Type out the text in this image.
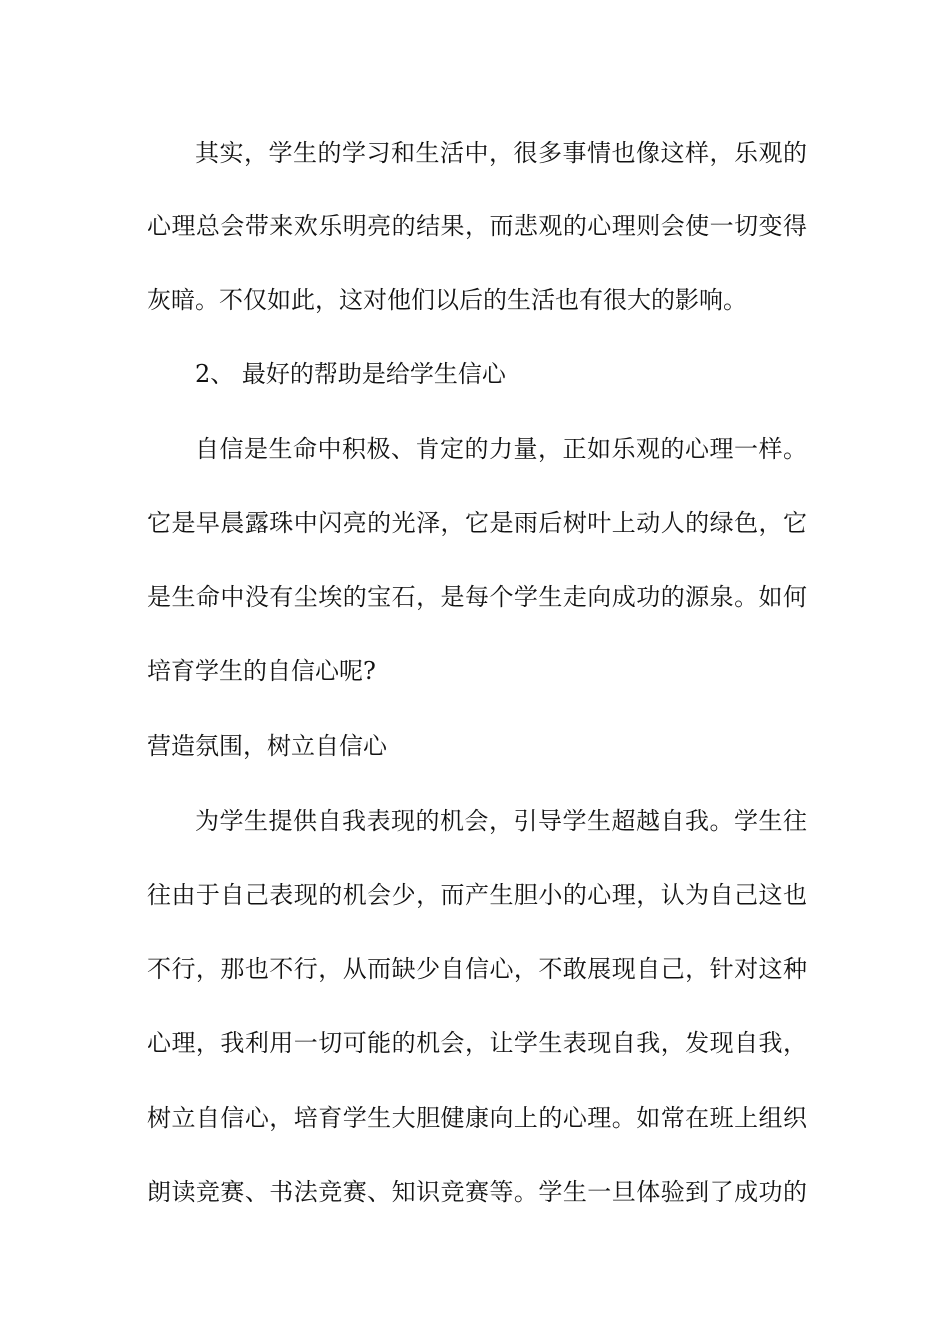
其实，学生的学习和生活中，很多事情也像这样，乐观的
心理总会带来欢乐明亮的结果，而悲观的心理则会使一切变得
灰暗。不仅如此，这对他们以后的生活也有很大的影响。
2、 最好的帮助是给学生信心
自信是生命中积极、肯定的力量，正如乐观的心理一样。
它是早晨露珠中闪亮的光泽，它是雨后树叶上动人的绿色，它
是生命中没有尘埃的宝石，是每个学生走向成功的源泉。如何
培育学生的自信心呢?
营造氛围，树立自信心
为学生提供自我表现的机会，引导学生超越自我。学生往
往由于自己表现的机会少，而产生胆小的心理，认为自己这也
不行，那也不行，从而缺少自信心，不敢展现自己，针对这种
心理，我利用一切可能的机会，让学生表现自我，发现自我，
树立自信心，培育学生大胆健康向上的心理。如常在班上组织
朗读竞赛、书法竞赛、知识竞赛等。学生一旦体验到了成功的
